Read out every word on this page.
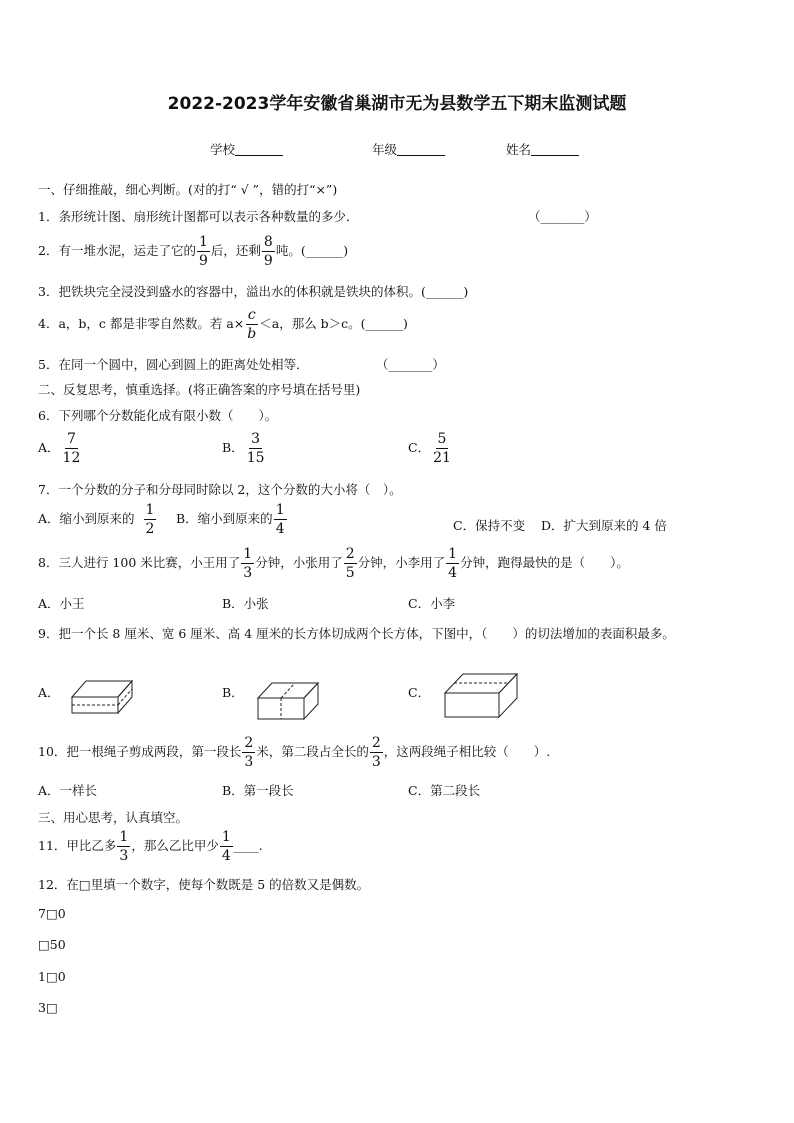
2022-2023学年安徽省巢湖市无为县数学五下期末监测试题
学校	年级	姓名
一、仔细推敲，细心判断。(对的打“ √ ”，错的打“×”)
1．条形统计图、扇形统计图都可以表示各种数量的多少．	（_______）
2．有一堆水泥，运走了它的 $\frac{1}{9}$ 后，还剩 $\frac{8}{9}$ 吨。(______)
3．把铁块完全浸没到盛水的容器中，溢出水的体积就是铁块的体积。(______)
4．a，b，c 都是非零自然数。若 $a\times \frac{c}{b} <a$，那么 b＞c。(______)
5．在同一个圆中，圆心到圆上的距离处处相等．	（_______）
二、反复思考，慎重选择。(将正确答案的序号填在括号里)
6．下列哪个分数能化成有限小数（　　）。
A． $\frac{7}{12}$	B． $\frac{3}{15}$	C． $\frac{5}{21}$
7．一个分数的分子和分母同时除以 2，这个分数的大小将（　）。
A．缩小到原来的 $\frac{1}{2}$ B．缩小到原来的 $\frac{1}{4}$	C．保持不变 D．扩大到原来的 4 倍
8．三人进行 100 米比赛，小王用了 $\frac{1}{3}$ 分钟，小张用了 $\frac{2}{5}$ 分钟，小李用了 $\frac{1}{4}$ 分钟，跑得最快的是（　　）。
A．小王	B．小张	C．小李
9．把一个长 8 厘米、宽 6 厘米、高 4 厘米的长方体切成两个长方体，下图中，（　　）的切法增加的表面积最多。
A．	B．	C．
10．把一根绳子剪成两段，第一段长 $\frac{2}{3}$ 米，第二段占全长的 $\frac{2}{3}$ ，这两段绳子相比较（　　）.
A．一样长	B．第一段长	C．第二段长
三、用心思考，认真填空。
11．甲比乙多 $\frac{1}{3}$ ，那么乙比甲少 $\frac{1}{4}$ ____.
12．在□里填一个数字，使每个数既是 5 的倍数又是偶数。
7□0
□50
1□0
3□
